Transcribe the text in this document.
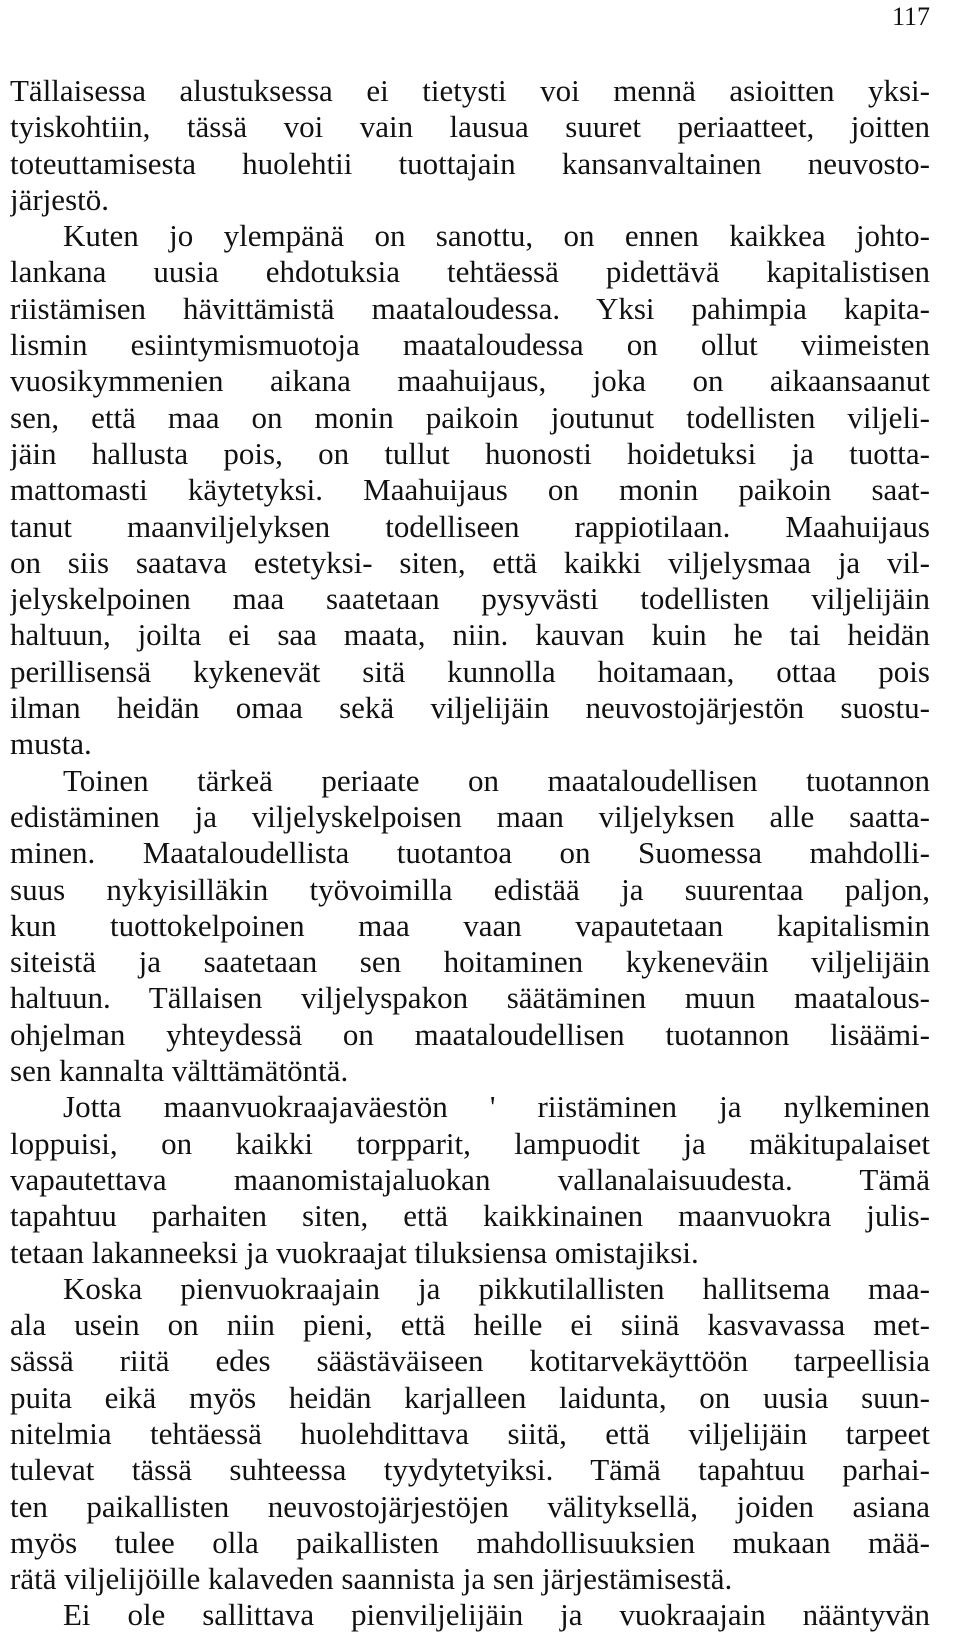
117
Tällaisessa alustuksessa ei tietysti voi mennä asioitten yksi-
tyiskohtiin, tässä voi vain lausua suuret periaatteet, joitten
toteuttamisesta huolehtii tuottajain kansanvaltainen neuvosto-
järjestö.
Kuten jo ylempänä on sanottu, on ennen kaikkea johto-
lankana uusia ehdotuksia tehtäessä pidettävä kapitalistisen
riistämisen hävittämistä maataloudessa. Yksi pahimpia kapita-
lismin esiintymismuotoja maataloudessa on ollut viimeisten
vuosikymmenien aikana maahuijaus, joka on aikaansaanut
sen, että maa on monin paikoin joutunut todellisten viljeli-
jäin hallusta pois, on tullut huonosti hoidetuksi ja tuotta-
mattomasti käytetyksi. Maahuijaus on monin paikoin saat-
tanut maanviljelyksen todelliseen rappiotilaan. Maahuijaus
on siis saatava estetyksi- siten, että kaikki viljelysmaa ja vil-
jelyskelpoinen maa saatetaan pysyvästi todellisten viljelijäin
haltuun, joilta ei saa maata, niin. kauvan kuin he tai heidän
perillisensä kykenevät sitä kunnolla hoitamaan, ottaa pois
ilman heidän omaa sekä viljelijäin neuvostojärjestön suostu-
musta.
Toinen tärkeä periaate on maataloudellisen tuotannon
edistäminen ja viljelyskelpoisen maan viljelyksen alle saatta-
minen. Maataloudellista tuotantoa on Suomessa mahdolli-
suus nykyisilläkin työvoimilla edistää ja suurentaa paljon,
kun tuottokelpoinen maa vaan vapautetaan kapitalismin
siteistä ja saatetaan sen hoitaminen kykeneväin viljelijäin
haltuun. Tällaisen viljelyspakon säätäminen muun maatalous-
ohjelman yhteydessä on maataloudellisen tuotannon lisäämi-
sen kannalta välttämätöntä.
Jotta maanvuokraajaväestön ' riistäminen ja nylkeminen
loppuisi, on kaikki torpparit, lampuodit ja mäkitupalaiset
vapautettava maanomistajaluokan vallanalaisuudesta. Tämä
tapahtuu parhaiten siten, että kaikkinainen maanvuokra julis-
tetaan lakanneeksi ja vuokraajat tiluksiensa omistajiksi.
Koska pienvuokraajain ja pikkutilallisten hallitsema maa-
ala usein on niin pieni, että heille ei siinä kasvavassa met-
sässä riitä edes säästäväiseen kotitarvekäyttöön tarpeellisia
puita eikä myös heidän karjalleen laidunta, on uusia suun-
nitelmia tehtäessä huolehdittava siitä, että viljelijäin tarpeet
tulevat tässä suhteessa tyydytetyiksi. Tämä tapahtuu parhai-
ten paikallisten neuvostojärjestöjen välityksellä, joiden asiana
myös tulee olla paikallisten mahdollisuuksien mukaan mää-
rätä viljelijöille kalaveden saannista ja sen järjestämisestä.
Ei ole sallittava pienviljelijäin ja vuokraajain nääntyvän
